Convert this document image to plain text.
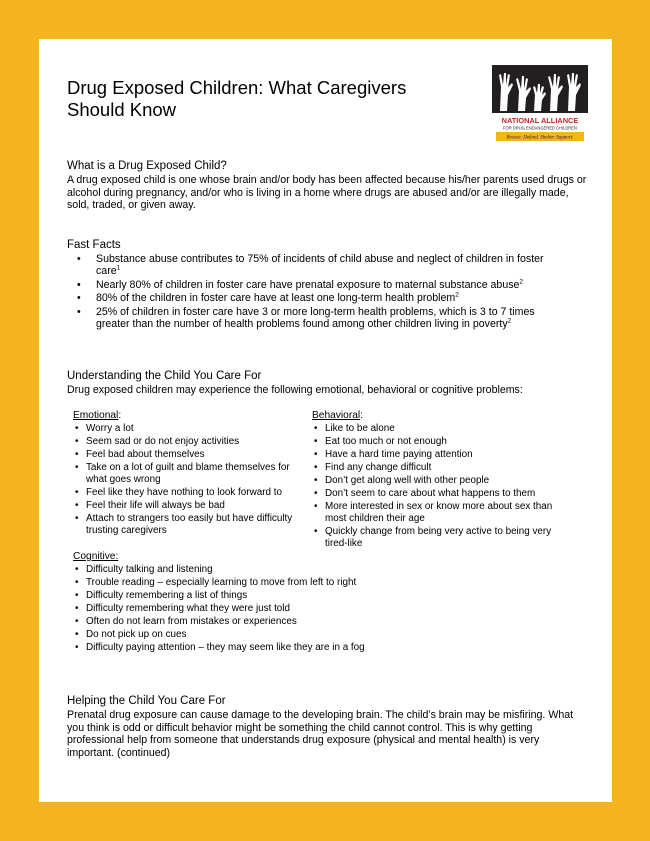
Drug Exposed Children: What Caregivers Should Know
NATIONAL ALLIANCE
FOR DRUG ENDANGERED CHILDREN
Rescue. Defend. Shelter. Support.
What is a Drug Exposed Child?

A drug exposed child is one whose brain and/or body has been affected because his/her parents used drugs or alcohol during pregnancy, and/or who is living in a home where drugs are abused and/or are illegally made, sold, traded, or given away.

Fast Facts
• Substance abuse contributes to 75% of incidents of child abuse and neglect of children in foster care$^1$
• Nearly 80% of children in foster care have prenatal exposure to maternal substance abuse$^2$
• 80% of the children in foster care have at least one long-term health problem$^2$
• 25% of children in foster care have 3 or more long-term health problems, which is 3 to 7 times greater than the number of health problems found among other children living in poverty$^2$
Understanding the Child You Care For

Drug exposed children may experience the following emotional, behavioral or cognitive problems:

Emotional:

• Worry a lot
• Seem sad or do not enjoy activities
• Feel bad about themselves
• Take on a lot of guilt and blame themselves for what goes wrong
• Feel like they have nothing to look forward to
• Feel their life will always be bad
• Attach to strangers too easily but have difficulty trusting caregivers

Behavioral:

• Like to be alone
• Eat too much or not enough
• Have a hard time paying attention
• Find any change difficult
• Don’t get along well with other people
• Don’t seem to care about what happens to them
• More interested in sex or know more about sex than most children their age
• Quickly change from being very active to being very tired-like

Cognitive:

• Difficulty talking and listening
• Trouble reading – especially learning to move from left to right
• Difficulty remembering a list of things
• Difficulty remembering what they were just told
• Often do not learn from mistakes or experiences
• Do not pick up on cues
• Difficulty paying attention – they may seem like they are in a fog
Helping the Child You Care For

Prenatal drug exposure can cause damage to the developing brain. The child’s brain may be misfiring. What you think is odd or difficult behavior might be something the child cannot control. This is why getting professional help from someone that understands drug exposure (physical and mental health) is very important. (continued)
